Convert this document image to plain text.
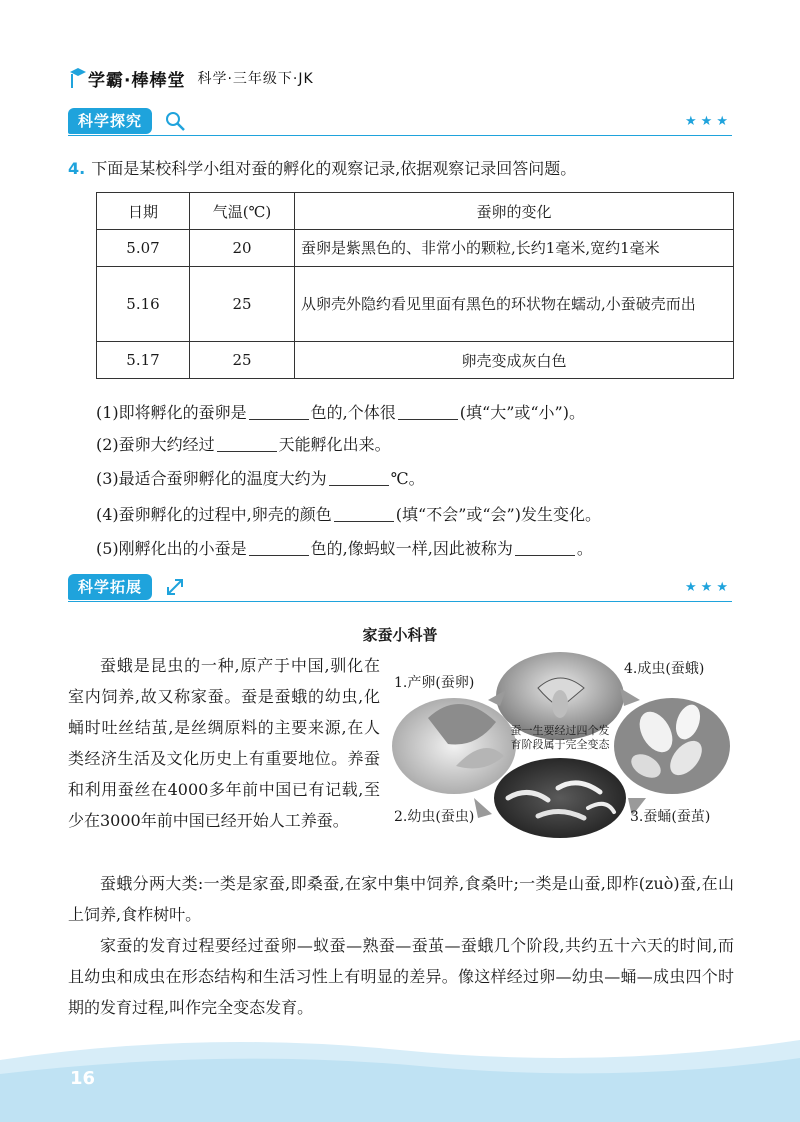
学霸·棒棒堂 科学·三年级下·JK
科学探究	★★★
4. 下面是某校科学小组对蚕的孵化的观察记录,依据观察记录回答问题。
日期	气温(℃)	蚕卵的变化
5.07	20	蚕卵是紫黑色的、非常小的颗粒,长约1毫米,宽约1毫米
5.16	25	从卵壳外隐约看见里面有黑色的环状物在蠕动,小蚕破壳而出
5.17	25	卵壳变成灰白色
(1)即将孵化的蚕卵是	色的,个体很	(填“大”或“小”)。
(2)蚕卵大约经过	天能孵化出来。
(3)最适合蚕卵孵化的温度大约为	℃。
(4)蚕卵孵化的过程中,卵壳的颜色	(填“不会”或“会”)发生变化。
(5)刚孵化出的小蚕是	色的,像蚂蚁一样,因此被称为	。
科学拓展	★★★
家蚕小科普
蚕蛾是昆虫的一种,原产于中国,驯化在室内饲养,故又称家蚕。蚕是蚕蛾的幼虫,化蛹时吐丝结茧,是丝绸原料的主要来源,在人类经济生活及文化历史上有重要地位。养蚕和利用蚕丝在4000多年前中国已有记载,至少在3000年前中国已经开始人工养蚕。
1.产卵(蚕卵)
4.成虫(蚕蛾)
2.幼虫(蚕虫)	3.蚕蛹(蚕茧)
蚕一生要经过四个发育阶段属于完全变态
蚕蛾分两大类:一类是家蚕,即桑蚕,在家中集中饲养,食桑叶;一类是山蚕,即柞(zuò)蚕,在山上饲养,食柞树叶。
家蚕的发育过程要经过蚕卵—蚁蚕—熟蚕—蚕茧—蚕蛾几个阶段,共约五十六天的时间,而且幼虫和成虫在形态结构和生活习性上有明显的差异。像这样经过卵—幼虫—蛹—成虫四个时期的发育过程,叫作完全变态发育。
16
